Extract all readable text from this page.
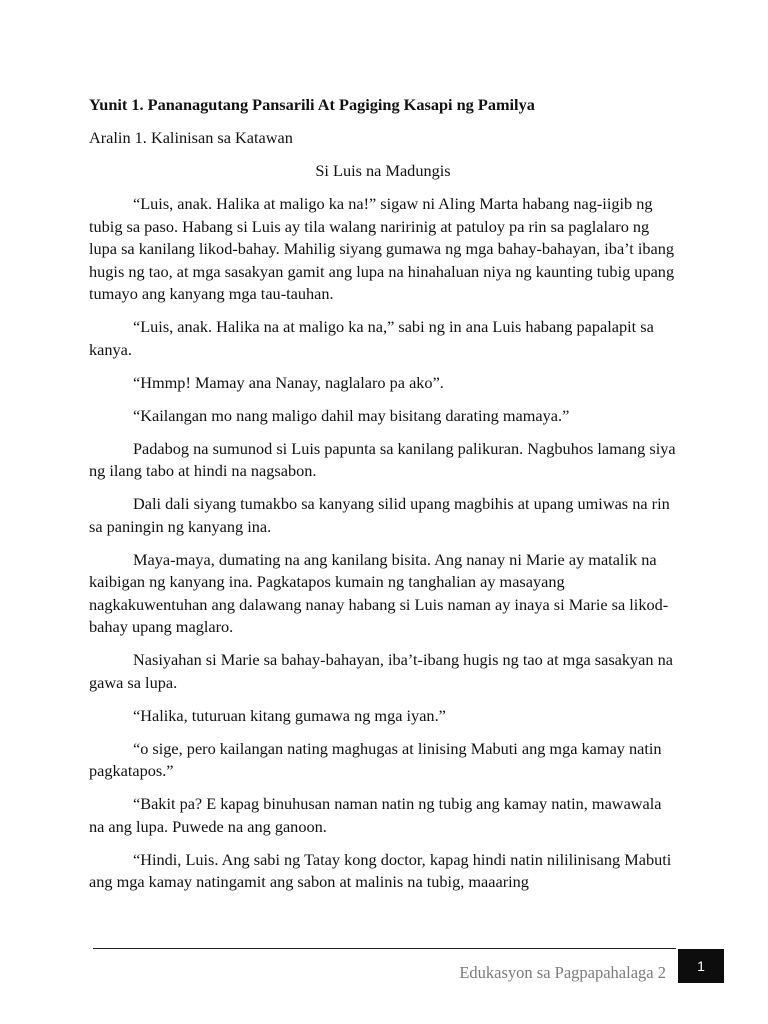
Yunit 1. Pananagutang Pansarili At Pagiging Kasapi ng Pamilya

Aralin 1. Kalinisan sa Katawan

Si Luis na Madungis

“Luis, anak. Halika at maligo ka na!” sigaw ni Aling Marta habang nag-iigib ng tubig sa paso. Habang si Luis ay tila walang naririnig at patuloy pa rin sa paglalaro ng lupa sa kanilang likod-bahay. Mahilig siyang gumawa ng mga bahay-bahayan, iba’t ibang hugis ng tao, at mga sasakyan gamit ang lupa na hinahaluan niya ng kaunting tubig upang tumayo ang kanyang mga tau-tauhan.

“Luis, anak. Halika na at maligo ka na,” sabi ng in ana Luis habang papalapit sa kanya.

“Hmmp! Mamay ana Nanay, naglalaro pa ako”.

“Kailangan mo nang maligo dahil may bisitang darating mamaya.”

Padabog na sumunod si Luis papunta sa kanilang palikuran. Nagbuhos lamang siya ng ilang tabo at hindi na nagsabon.

Dali dali siyang tumakbo sa kanyang silid upang magbihis at upang umiwas na rin sa paningin ng kanyang ina.

Maya-maya, dumating na ang kanilang bisita. Ang nanay ni Marie ay matalik na kaibigan ng kanyang ina. Pagkatapos kumain ng tanghalian ay masayang nagkakuwentuhan ang dalawang nanay habang si Luis naman ay inaya si Marie sa likod-bahay upang maglaro.

Nasiyahan si Marie sa bahay-bahayan, iba’t-ibang hugis ng tao at mga sasakyan na gawa sa lupa.

“Halika, tuturuan kitang gumawa ng mga iyan.”

“o sige, pero kailangan nating maghugas at linising Mabuti ang mga kamay natin pagkatapos.”

“Bakit pa? E kapag binuhusan naman natin ng tubig ang kamay natin, mawawala na ang lupa. Puwede na ang ganoon.

“Hindi, Luis. Ang sabi ng Tatay kong doctor, kapag hindi natin nililinisang Mabuti ang mga kamay natingamit ang sabon at malinis na tubig, maaaring

Edukasyon sa Pagpapahalaga 2	1
